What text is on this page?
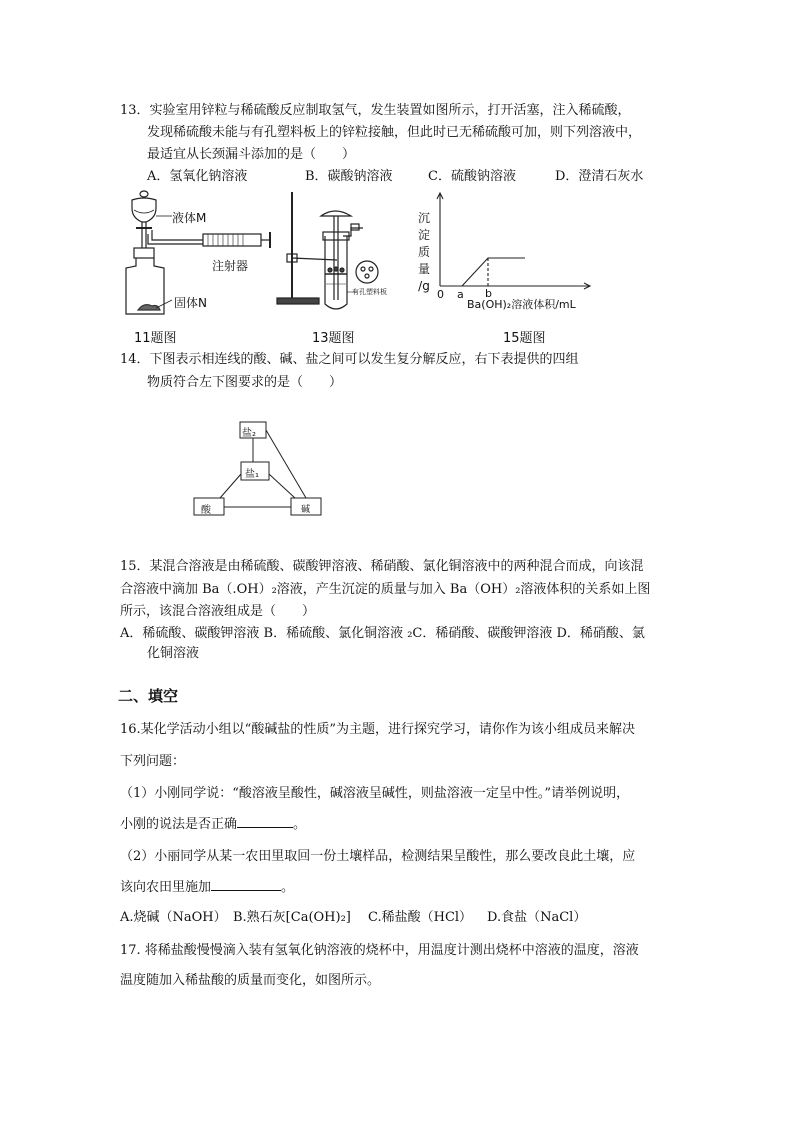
13．实验室用锌粒与稀硫酸反应制取氢气，发生装置如图所示，打开活塞，注入稀硫酸，
发现稀硫酸未能与有孔塑料板上的锌粒接触，但此时已无稀硫酸可加，则下列溶液中，
最适宜从长颈漏斗添加的是（　　）
A．氢氧化钠溶液	B．碳酸钠溶液	C．硫酸钠溶液	D．澄清石灰水
液体M
注射器
固体N
有孔塑料板
沉
淀
质
量
/g
0 a b
Ba(OH)₂溶液体积/mL
11题图	13题图	15题图
14．下图表示相连线的酸、碱、盐之间可以发生复分解反应，右下表提供的四组
物质符合左下图要求的是（　　）
盐₂
盐₁
酸	碱
15．某混合溶液是由稀硫酸、碳酸钾溶液、稀硝酸、氯化铜溶液中的两种混合而成，向该混
合溶液中滴加 Ba（.OH）₂溶液，产生沉淀的质量与加入 Ba（OH）₂溶液体积的关系如上图
所示，该混合溶液组成是（　　）
A．稀硫酸、碳酸钾溶液 B．稀硫酸、氯化铜溶液 ₂C．稀硝酸、碳酸钾溶液 D．稀硝酸、氯
化铜溶液
二、填空
16.某化学活动小组以“酸碱盐的性质”为主题，进行探究学习，请你作为该小组成员来解决
下列问题：
（1）小刚同学说：“酸溶液呈酸性，碱溶液呈碱性，则盐溶液一定呈中性。”请举例说明，
小刚的说法是否正确	。
（2）小丽同学从某一农田里取回一份土壤样品，检测结果呈酸性，那么要改良此土壤，应
该向农田里施加	。
A.烧碱（NaOH） B.熟石灰[Ca(OH)₂] C.稀盐酸（HCl） D.食盐（NaCl）
17. 将稀盐酸慢慢滴入装有氢氧化钠溶液的烧杯中，用温度计测出烧杯中溶液的温度，溶液
温度随加入稀盐酸的质量而变化，如图所示。
